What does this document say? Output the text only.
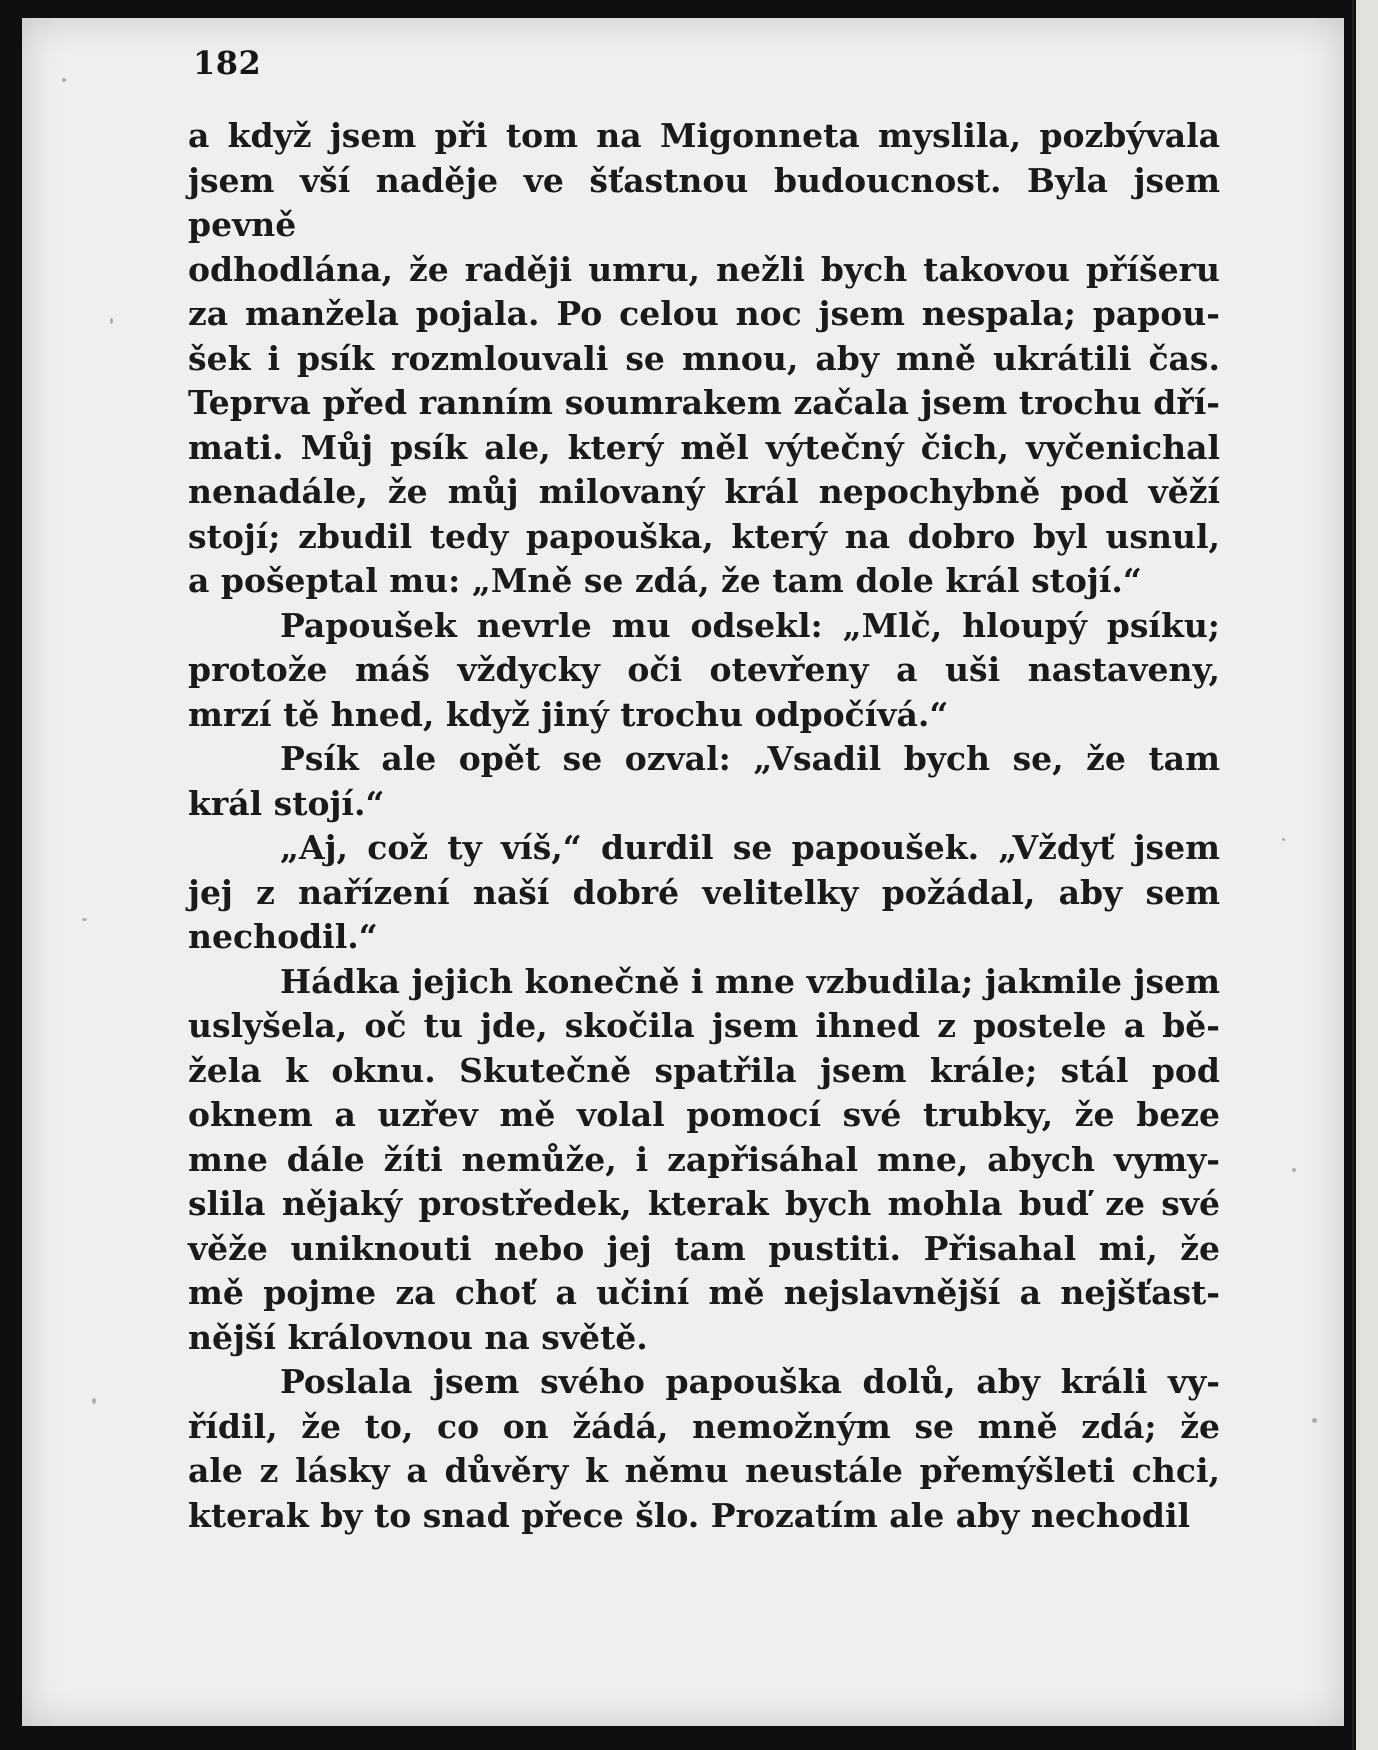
182

a když jsem při tom na Migonneta myslila, pozbývala
jsem vší naděje ve šťastnou budoucnost. Byla jsem pevně
odhodlána, že raději umru, nežli bych takovou příšeru
za manžela pojala. Po celou noc jsem nespala; papou-
šek i psík rozmlouvali se mnou, aby mně ukrátili čas.
Teprva před ranním soumrakem začala jsem trochu dří-
mati. Můj psík ale, který měl výtečný čich, vyčenichal
nenadále, že můj milovaný král nepochybně pod věží
stojí; zbudil tedy papouška, který na dobro byl usnul,
a pošeptal mu: „Mně se zdá, že tam dole král stojí.“

Papoušek nevrle mu odsekl: „Mlč, hloupý psíku;
protože máš vždycky oči otevřeny a uši nastaveny,
mrzí tě hned, když jiný trochu odpočívá.“

Psík ale opět se ozval: „Vsadil bych se, že tam
král stojí.“

„Aj, což ty víš,“ durdil se papoušek. „Vždyť jsem
jej z nařízení naší dobré velitelky požádal, aby sem
nechodil.“

Hádka jejich konečně i mne vzbudila; jakmile jsem
uslyšela, oč tu jde, skočila jsem ihned z postele a bě-
žela k oknu. Skutečně spatřila jsem krále; stál pod
oknem a uzřev mě volal pomocí své trubky, že beze
mne dále žíti nemůže, i zapřisáhal mne, abych vymy-
slila nějaký prostředek, kterak bych mohla buď ze své
věže uniknouti nebo jej tam pustiti. Přisahal mi, že
mě pojme za choť a učiní mě nejslavnější a nejšťast-
nější královnou na světě.

Poslala jsem svého papouška dolů, aby králi vy-
řídil, že to, co on žádá, nemožným se mně zdá; že
ale z lásky a důvěry k němu neustále přemýšleti chci,
kterak by to snad přece šlo. Prozatím ale aby nechodil
